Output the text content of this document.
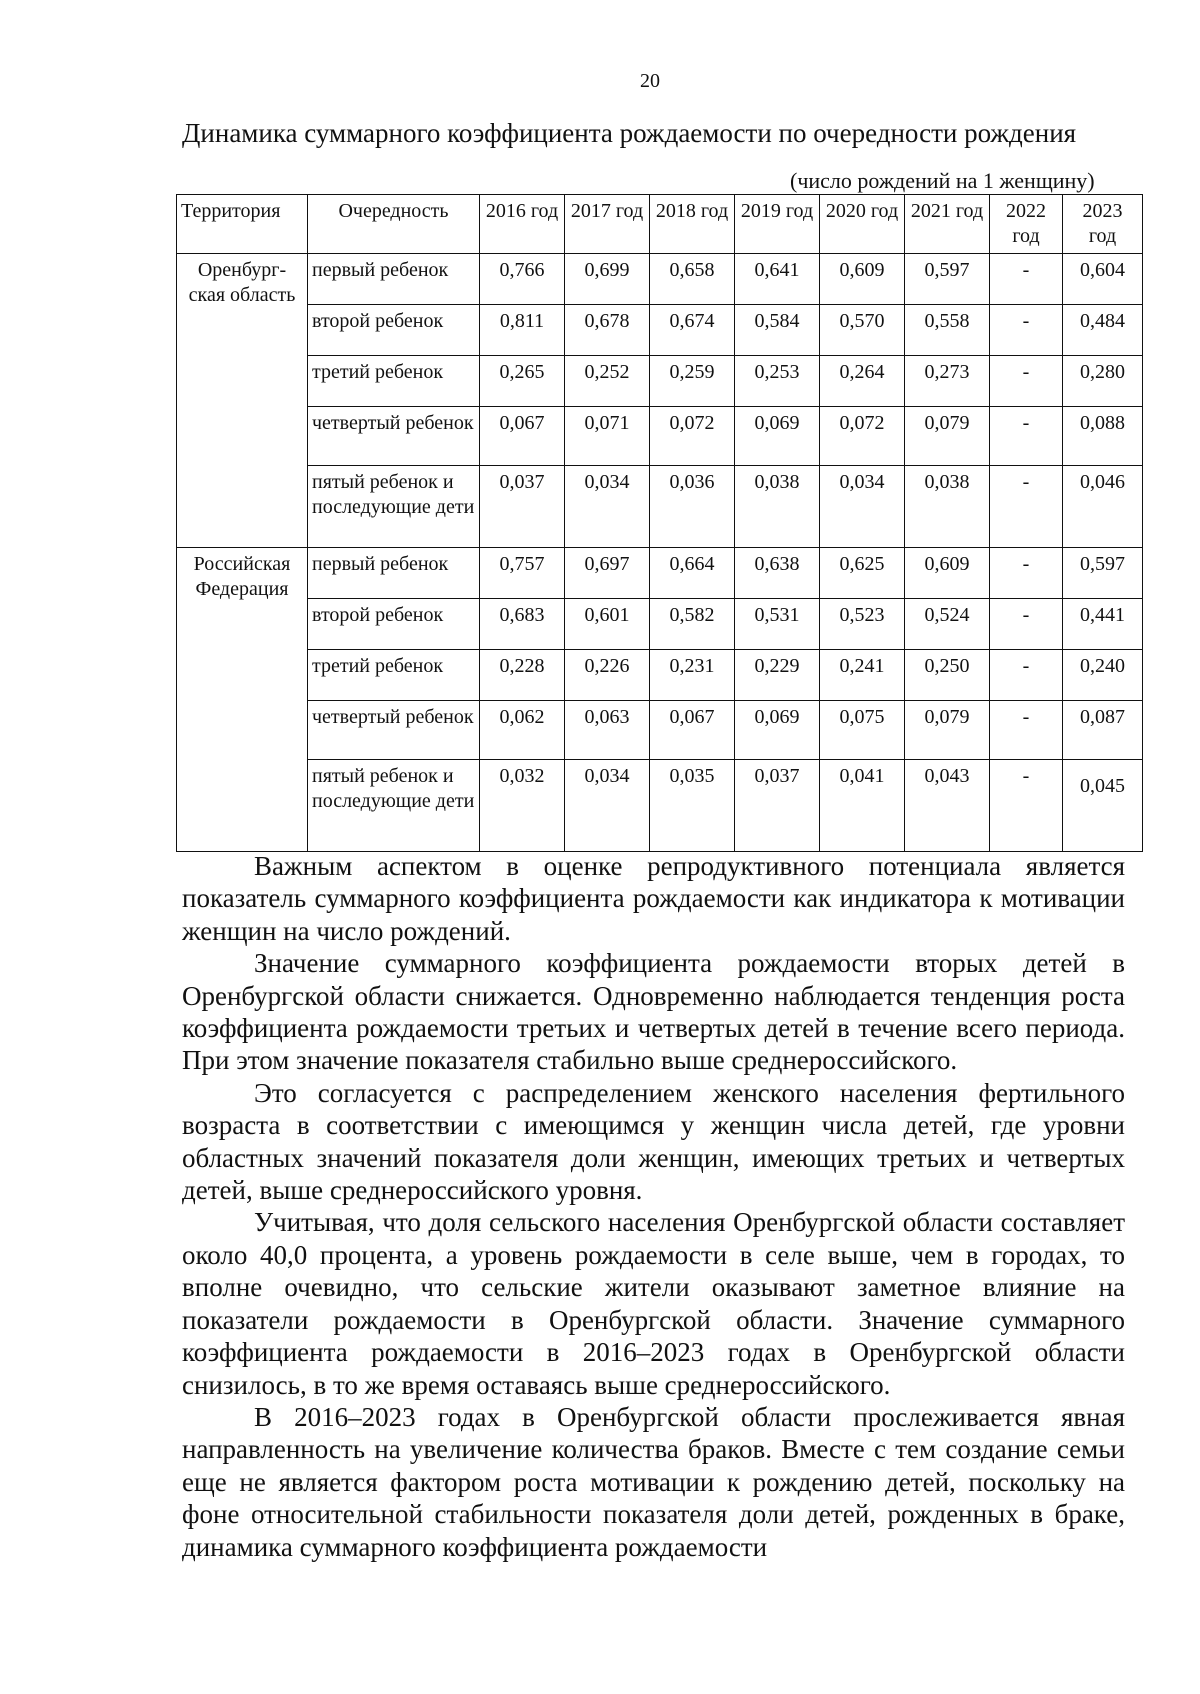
20
Динамика суммарного коэффициента рождаемости по очередности рождения
(число рождений на 1 женщину)
Территория	Очередность	2016 год	2017 год	2018 год	2019 год	2020 год	2021 год	2022 год	2023 год
Оренбург-ская область	первый ребенок	0,766	0,699	0,658	0,641	0,609	0,597	-	0,604
	второй ребенок	0,811	0,678	0,674	0,584	0,570	0,558	-	0,484
	третий ребенок	0,265	0,252	0,259	0,253	0,264	0,273	-	0,280
	четвертый ребенок	0,067	0,071	0,072	0,069	0,072	0,079	-	0,088
	пятый ребенок и последующие дети	0,037	0,034	0,036	0,038	0,034	0,038	-	0,046
Российская Федерация	первый ребенок	0,757	0,697	0,664	0,638	0,625	0,609	-	0,597
	второй ребенок	0,683	0,601	0,582	0,531	0,523	0,524	-	0,441
	третий ребенок	0,228	0,226	0,231	0,229	0,241	0,250	-	0,240
	четвертый ребенок	0,062	0,063	0,067	0,069	0,075	0,079	-	0,087
	пятый ребенок и последующие дети	0,032	0,034	0,035	0,037	0,041	0,043	-	0,045

Важным аспектом в оценке репродуктивного потенциала является показатель суммарного коэффициента рождаемости как индикатора к мотивации женщин на число рождений.

Значение суммарного коэффициента рождаемости вторых детей в Оренбургской области снижается. Одновременно наблюдается тенденция роста коэффициента рождаемости третьих и четвертых детей в течение всего периода. При этом значение показателя стабильно выше среднероссийского.

Это согласуется с распределением женского населения фертильного возраста в соответствии с имеющимся у женщин числа детей, где уровни областных значений показателя доли женщин, имеющих третьих и четвертых детей, выше среднероссийского уровня.

Учитывая, что доля сельского населения Оренбургской области составляет около 40,0 процента, а уровень рождаемости в селе выше, чем в городах, то вполне очевидно, что сельские жители оказывают заметное влияние на показатели рождаемости в Оренбургской области. Значение суммарного коэффициента рождаемости в 2016–2023 годах в Оренбургской области снизилось, в то же время оставаясь выше среднероссийского.

В 2016–2023 годах в Оренбургской области прослеживается явная направленность на увеличение количества браков. Вместе с тем создание семьи еще не является фактором роста мотивации к рождению детей, поскольку на фоне относительной стабильности показателя доли детей, рожденных в браке, динамика суммарного коэффициента рождаемости
